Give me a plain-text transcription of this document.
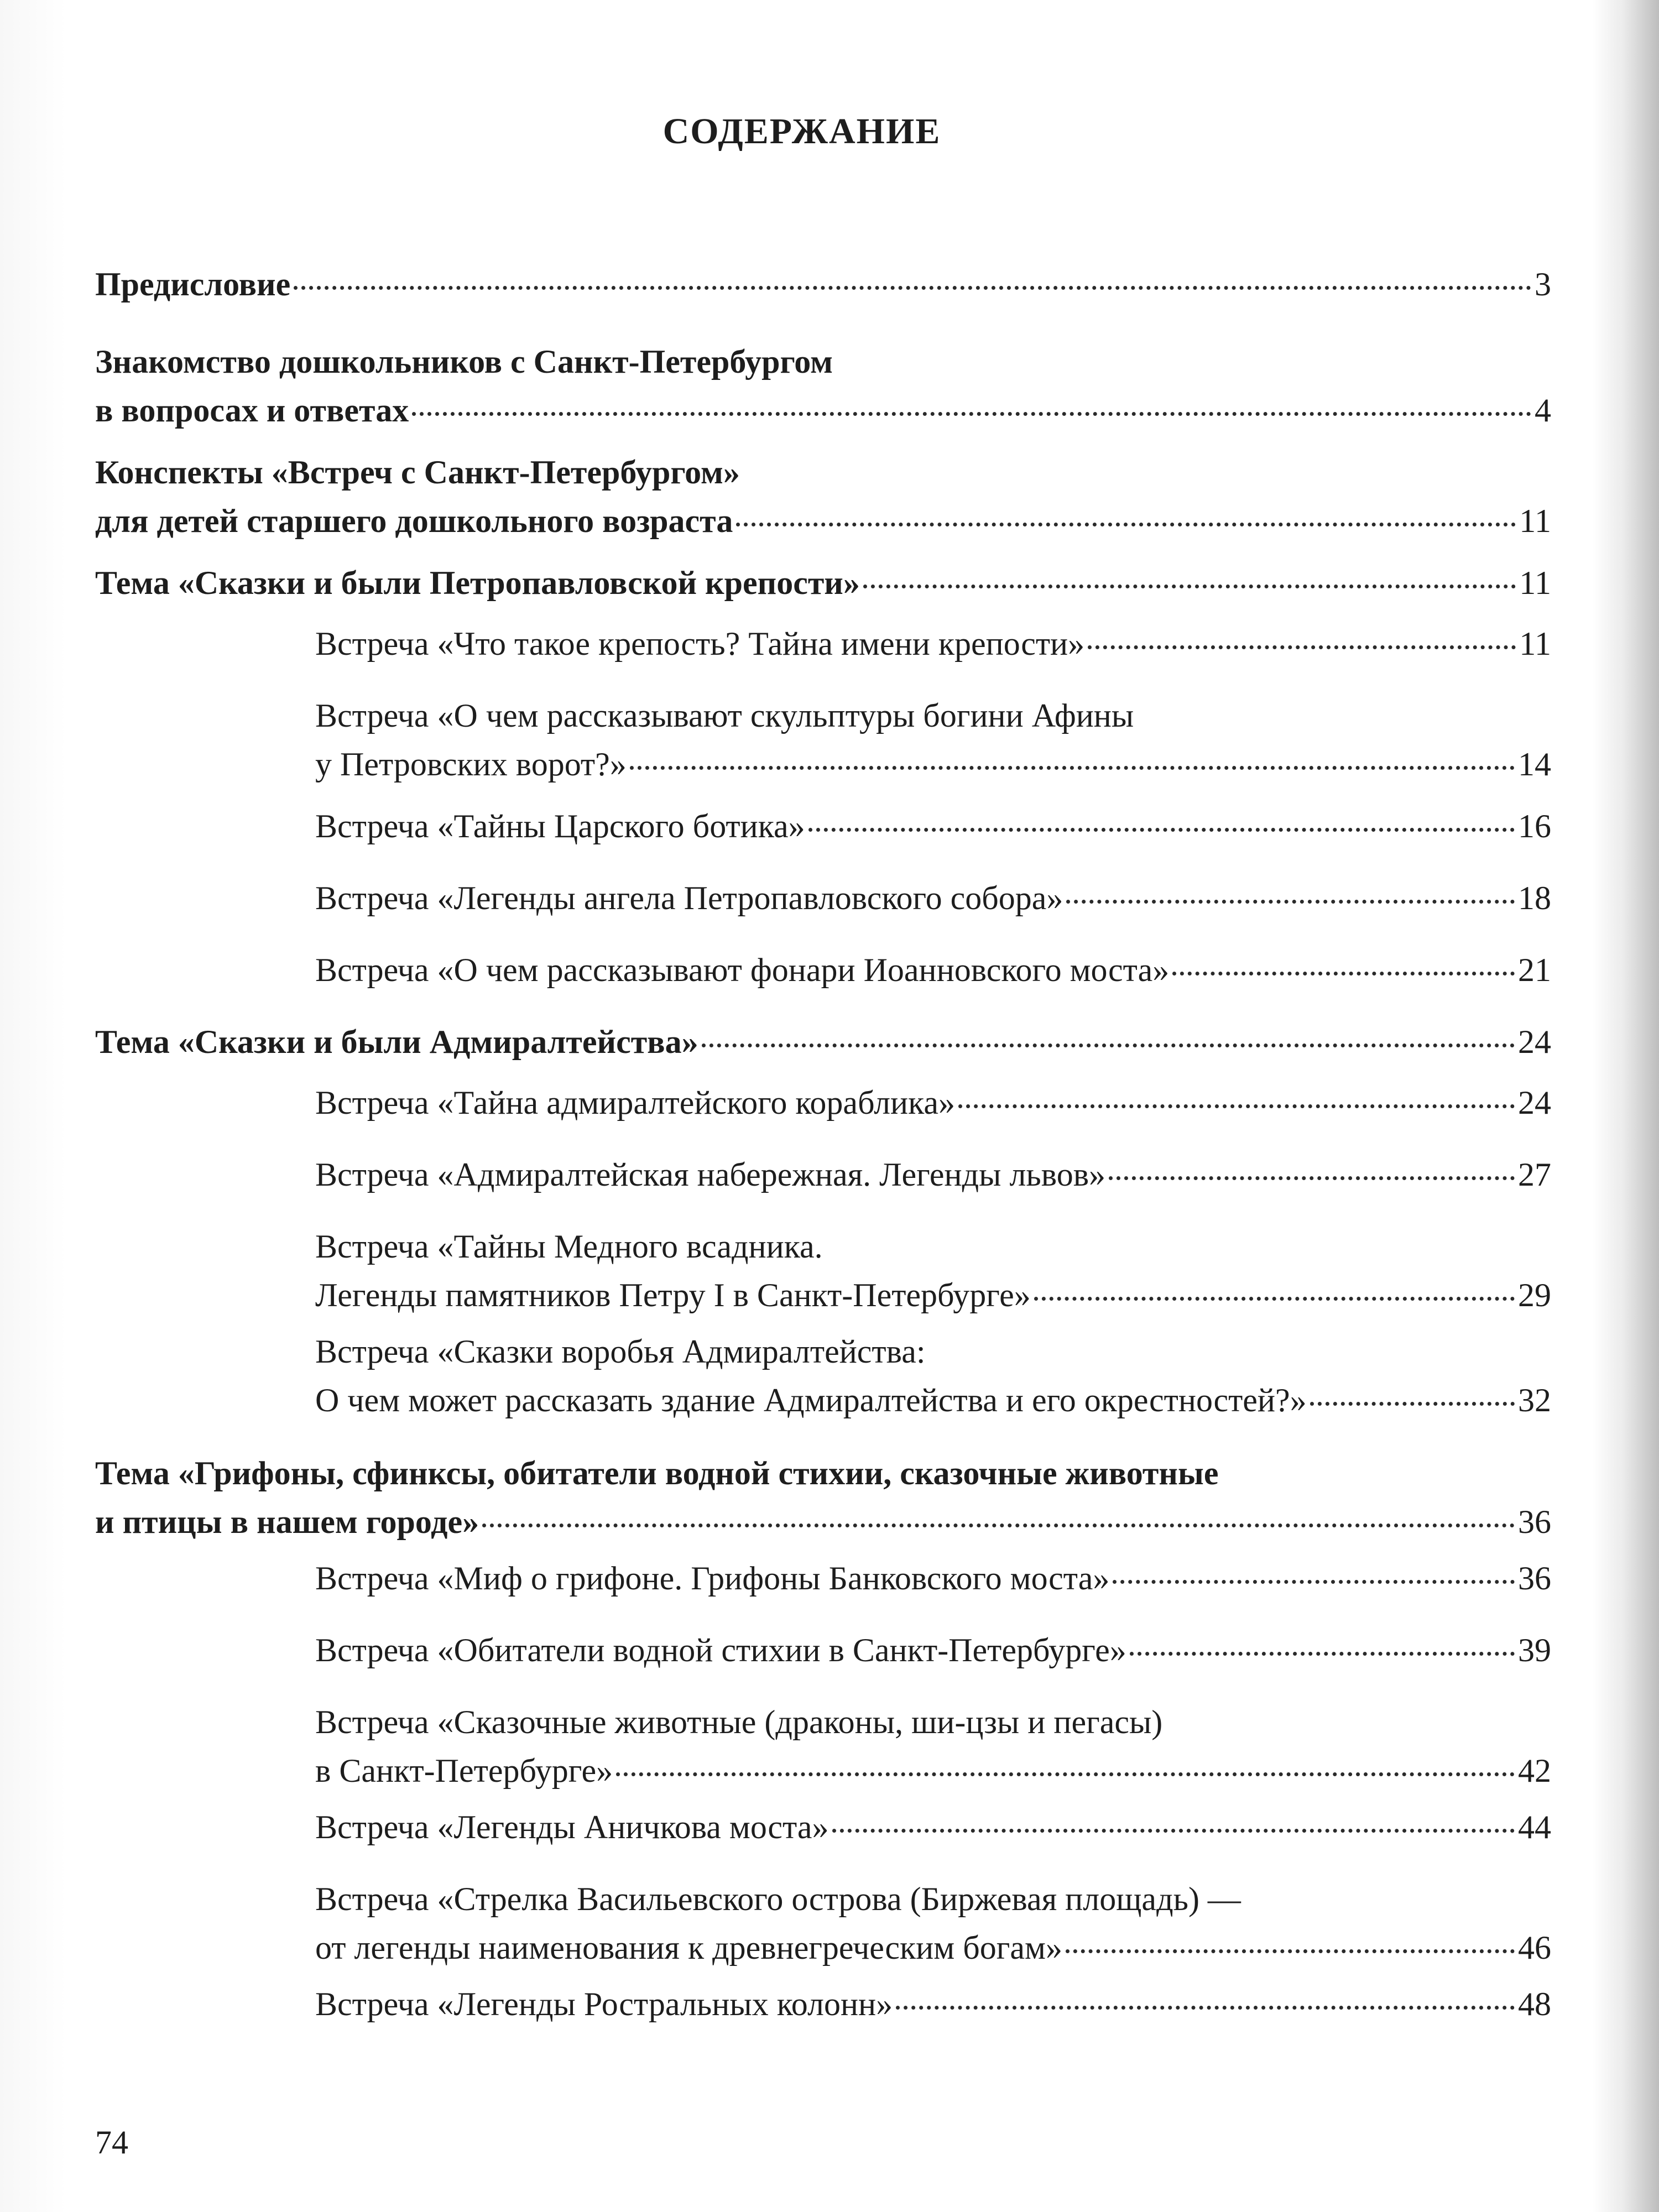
СОДЕРЖАНИЕ
Предисловие	3
Знакомство дошкольников с Санкт-Петербургом
в вопросах и ответах	4
Конспекты «Встреч с Санкт-Петербургом»
для детей старшего дошкольного возраста	11
Тема «Сказки и были Петропавловской крепости»	11
Встреча «Что такое крепость? Тайна имени крепости»	11
Встреча «О чем рассказывают скульптуры богини Афины
у Петровских ворот?»	14
Встреча «Тайны Царского ботика»	16
Встреча «Легенды ангела Петропавловского собора»	18
Встреча «О чем рассказывают фонари Иоанновского моста»	21
Тема «Сказки и были Адмиралтейства»	24
Встреча «Тайна адмиралтейского кораблика»	24
Встреча «Адмиралтейская набережная. Легенды львов»	27
Встреча «Тайны Медного всадника.
Легенды памятников Петру I в Санкт-Петербурге»	29
Встреча «Сказки воробья Адмиралтейства:
О чем может рассказать здание Адмиралтейства и его окрестностей?»	32
Тема «Грифоны, сфинксы, обитатели водной стихии, сказочные животные
и птицы в нашем городе»	36
Встреча «Миф о грифоне. Грифоны Банковского моста»	36
Встреча «Обитатели водной стихии в Санкт-Петербурге»	39
Встреча «Сказочные животные (драконы, ши-цзы и пегасы)
в Санкт-Петербурге»	42
Встреча «Легенды Аничкова моста»	44
Встреча «Стрелка Васильевского острова (Биржевая площадь) —
от легенды наименования к древнегреческим богам»	46
Встреча «Легенды Ростральных колонн»	48
74
